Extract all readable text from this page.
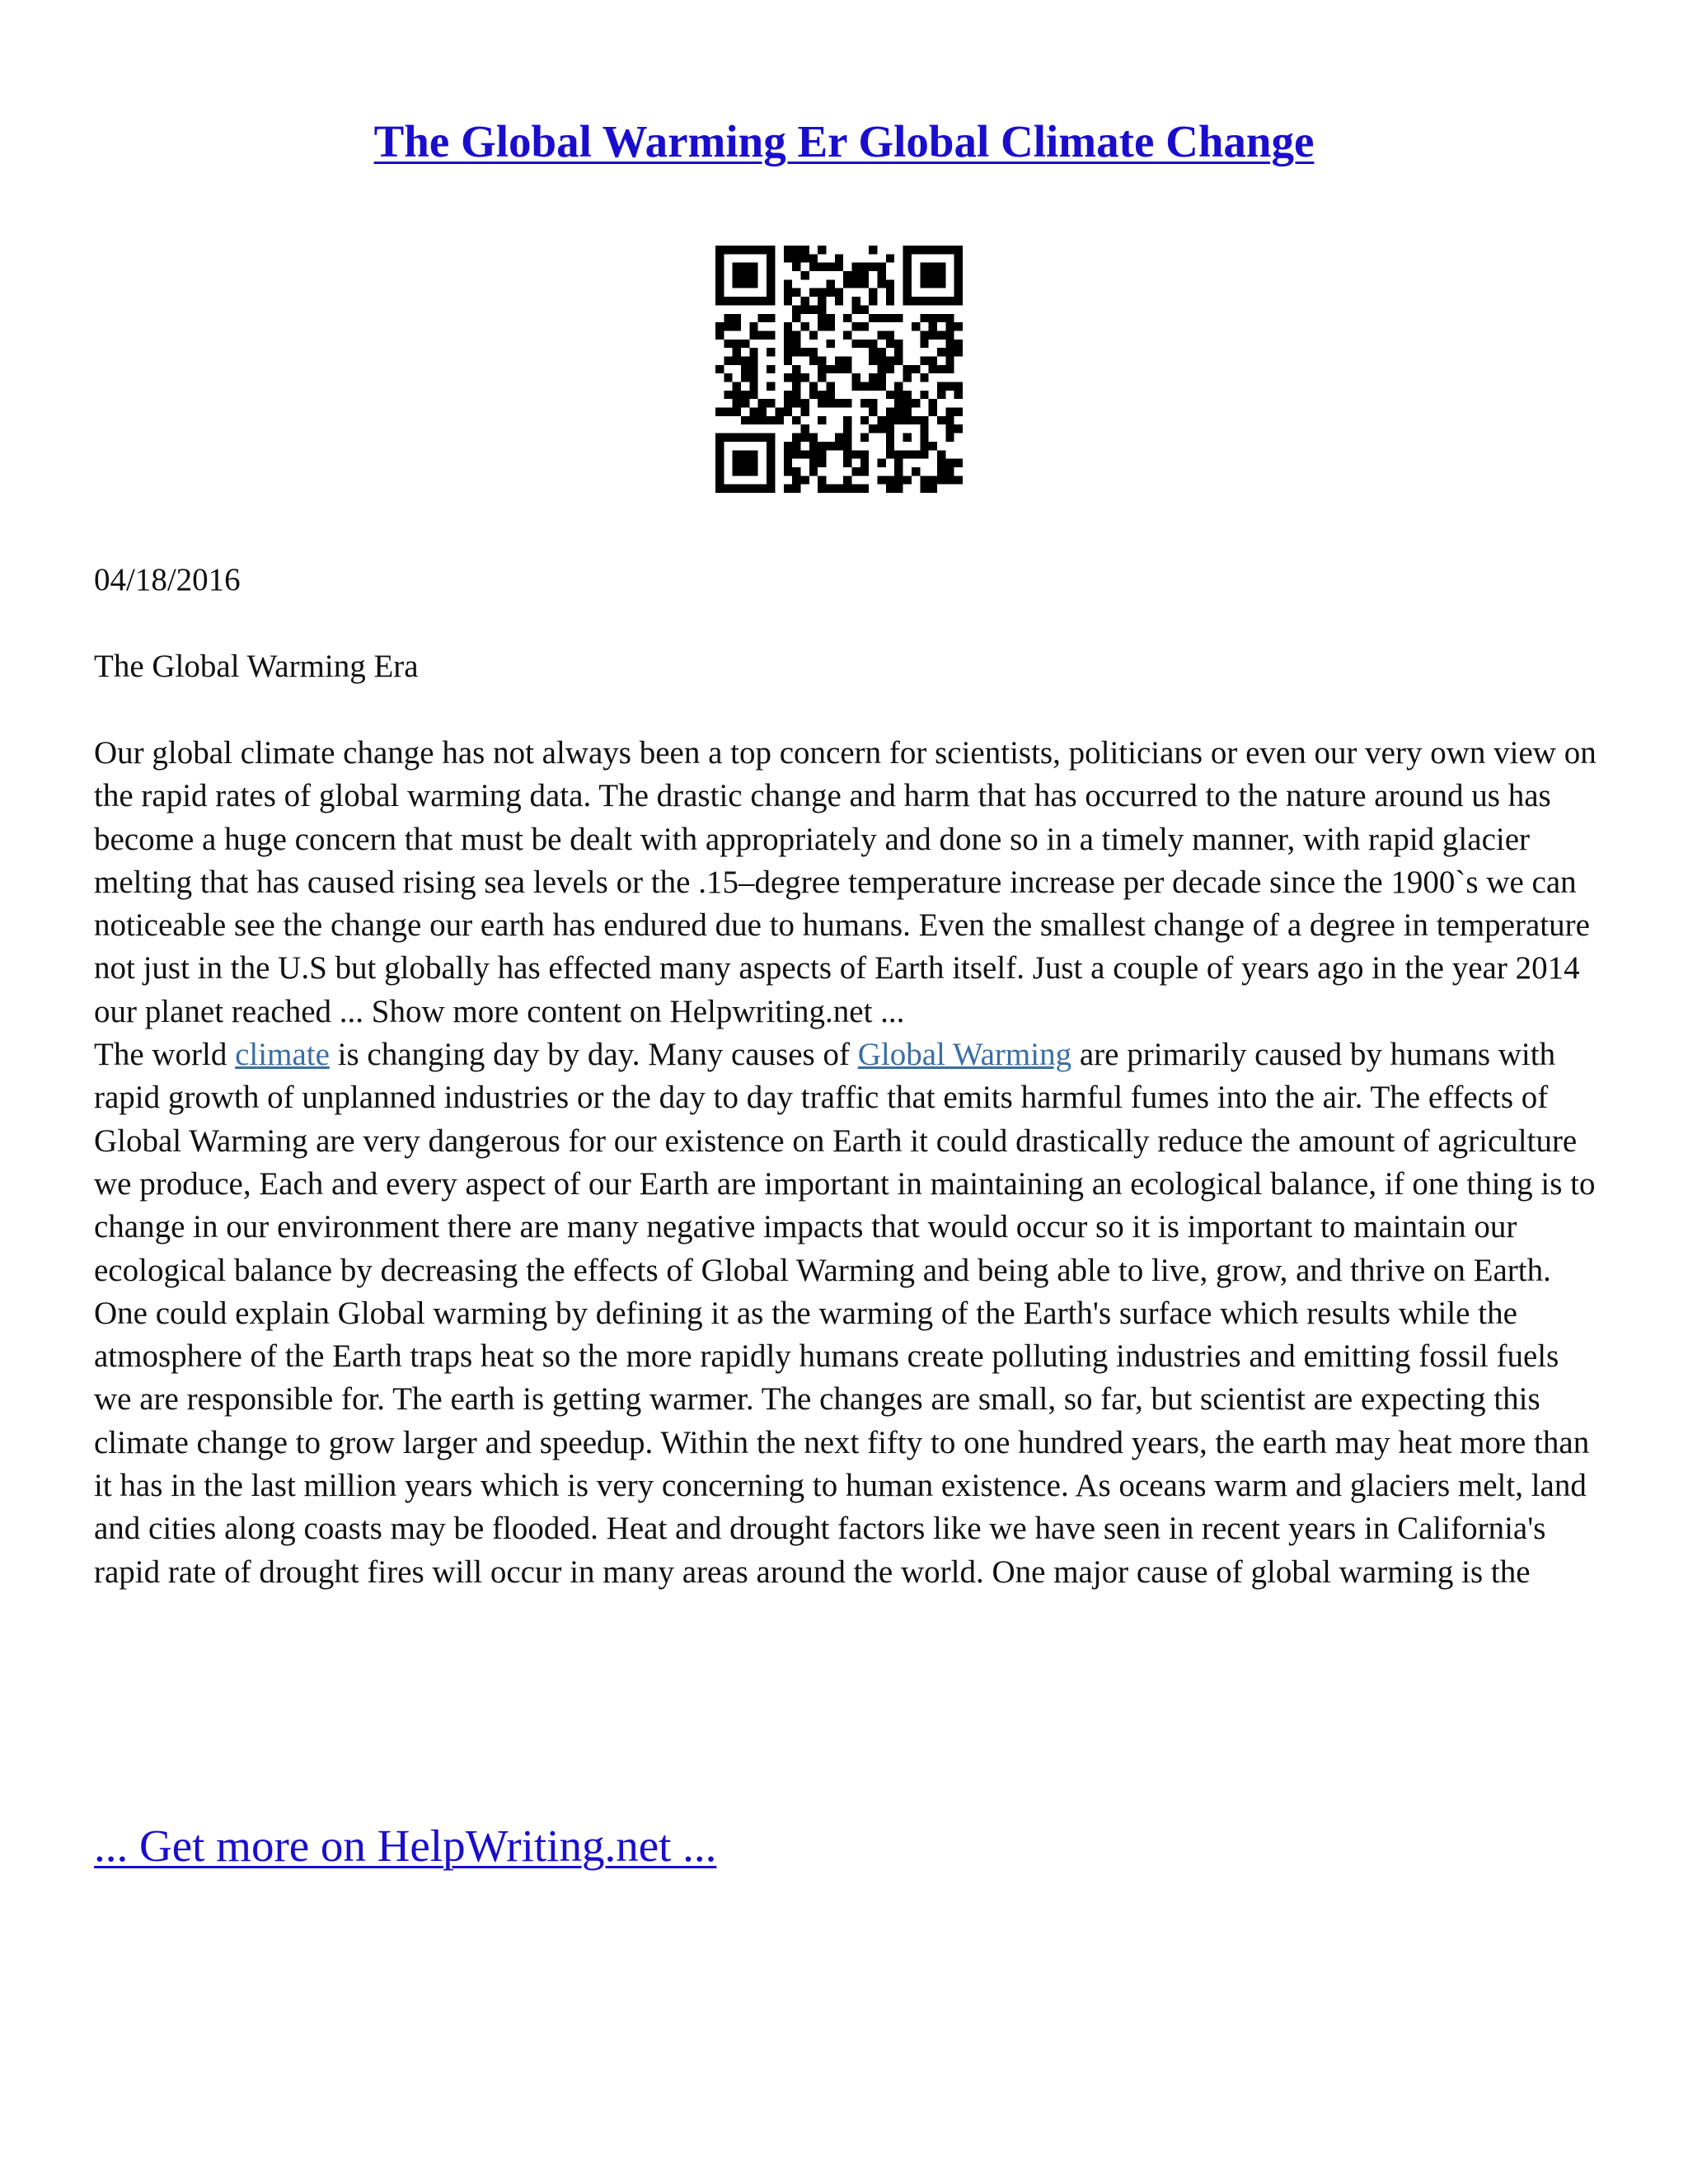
The Global Warming Er Global Climate Change
04/18/2016
The Global Warming Era

Our global climate change has not always been a top concern for scientists, politicians or even our very own view on the rapid rates of global warming data. The drastic change and harm that has occurred to the nature around us has become a huge concern that must be dealt with appropriately and done so in a timely manner, with rapid glacier melting that has caused rising sea levels or the .15–degree temperature increase per decade since the 1900`s we can noticeable see the change our earth has endured due to humans. Even the smallest change of a degree in temperature not just in the U.S but globally has effected many aspects of Earth itself. Just a couple of years ago in the year 2014 our planet reached ... Show more content on Helpwriting.net ...

The world climate is changing day by day. Many causes of Global Warming are primarily caused by humans with rapid growth of unplanned industries or the day to day traffic that emits harmful fumes into the air. The effects of Global Warming are very dangerous for our existence on Earth it could drastically reduce the amount of agriculture we produce, Each and every aspect of our Earth are important in maintaining an ecological balance, if one thing is to change in our environment there are many negative impacts that would occur so it is important to maintain our ecological balance by decreasing the effects of Global Warming and being able to live, grow, and thrive on Earth.

One could explain Global warming by defining it as the warming of the Earth's surface which results while the atmosphere of the Earth traps heat so the more rapidly humans create polluting industries and emitting fossil fuels we are responsible for. The earth is getting warmer. The changes are small, so far, but scientist are expecting this climate change to grow larger and speedup. Within the next fifty to one hundred years, the earth may heat more than it has in the last million years which is very concerning to human existence. As oceans warm and glaciers melt, land and cities along coasts may be flooded. Heat and drought factors like we have seen in recent years in California's rapid rate of drought fires will occur in many areas around the world. One major cause of global warming is the

... Get more on HelpWriting.net ...
